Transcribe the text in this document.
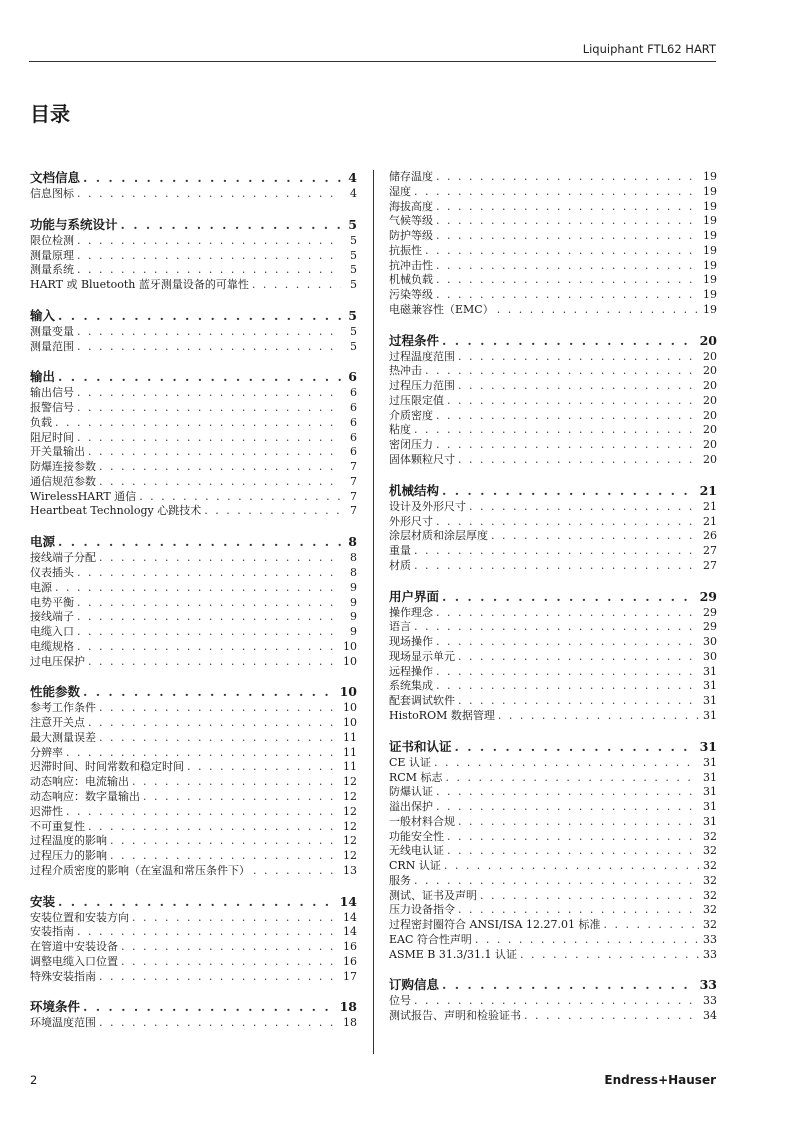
Liquiphant FTL62 HART
目录
文档信息 . . .	4
信息图标 . . .	4
功能与系统设计 . . .	5
限位检测 . . .	5
测量原理 . . .	5
测量系统 . . .	5
HART 或 Bluetooth 蓝牙测量设备的可靠性 . . .	5
输入 . . .	5
测量变量 . . .	5
测量范围 . . .	5
输出 . . .	6
输出信号 . . .	6
报警信号 . . .	6
负载 . . .	6
阻尼时间 . . .	6
开关量输出 . . .	6
防爆连接参数 . . .	7
通信规范参数 . . .	7
WirelessHART 通信 . . .	7
Heartbeat Technology 心跳技术 . . .	7
电源 . . .	8
接线端子分配 . . .	8
仪表插头 . . .	8
电源 . . .	9
电势平衡 . . .	9
接线端子 . . .	9
电缆入口 . . .	9
电缆规格 . . .	10
过电压保护 . . .	10
性能参数 . . .	10
参考工作条件 . . .	10
注意开关点 . . .	10
最大测量误差 . . .	11
分辨率 . . .	11
迟滞时间、时间常数和稳定时间 . . .	11
动态响应：电流输出 . . .	12
动态响应：数字量输出 . . .	12
迟滞性 . . .	12
不可重复性 . . .	12
过程温度的影响 . . .	12
过程压力的影响 . . .	12
过程介质密度的影响（在室温和常压条件下） . . .	13
安装 . . .	14
安装位置和安装方向 . . .	14
安装指南 . . .	14
在管道中安装设备 . . .	16
调整电缆入口位置 . . .	16
特殊安装指南 . . .	17
环境条件 . . .	18
环境温度范围 . . .	18
储存温度 . . .	19
湿度 . . .	19
海拔高度 . . .	19
气候等级 . . .	19
防护等级 . . .	19
抗振性 . . .	19
抗冲击性 . . .	19
机械负载 . . .	19
污染等级 . . .	19
电磁兼容性（EMC） . . .	19
过程条件 . . .	20
过程温度范围 . . .	20
热冲击 . . .	20
过程压力范围 . . .	20
过压限定值 . . .	20
介质密度 . . .	20
粘度 . . .	20
密闭压力 . . .	20
固体颗粒尺寸 . . .	20
机械结构 . . .	21
设计及外形尺寸 . . .	21
外形尺寸 . . .	21
涂层材质和涂层厚度 . . .	26
重量 . . .	27
材质 . . .	27
用户界面 . . .	29
操作理念 . . .	29
语言 . . .	29
现场操作 . . .	30
现场显示单元 . . .	30
远程操作 . . .	31
系统集成 . . .	31
配套调试软件 . . .	31
HistoROM 数据管理 . . .	31
证书和认证 . . .	31
CE 认证 . . .	31
RCM 标志 . . .	31
防爆认证 . . .	31
溢出保护 . . .	31
一般材料合规 . . .	31
功能安全性 . . .	32
无线电认证 . . .	32
CRN 认证 . . .	32
服务 . . .	32
测试、证书及声明 . . .	32
压力设备指令 . . .	32
过程密封圈符合 ANSI/ISA 12.27.01 标准 . . .	32
EAC 符合性声明 . . .	33
ASME B 31.3/31.1 认证 . . .	33
订购信息 . . .	33
位号 . . .	33
测试报告、声明和检验证书 . . .	34
2	Endress+Hauser
